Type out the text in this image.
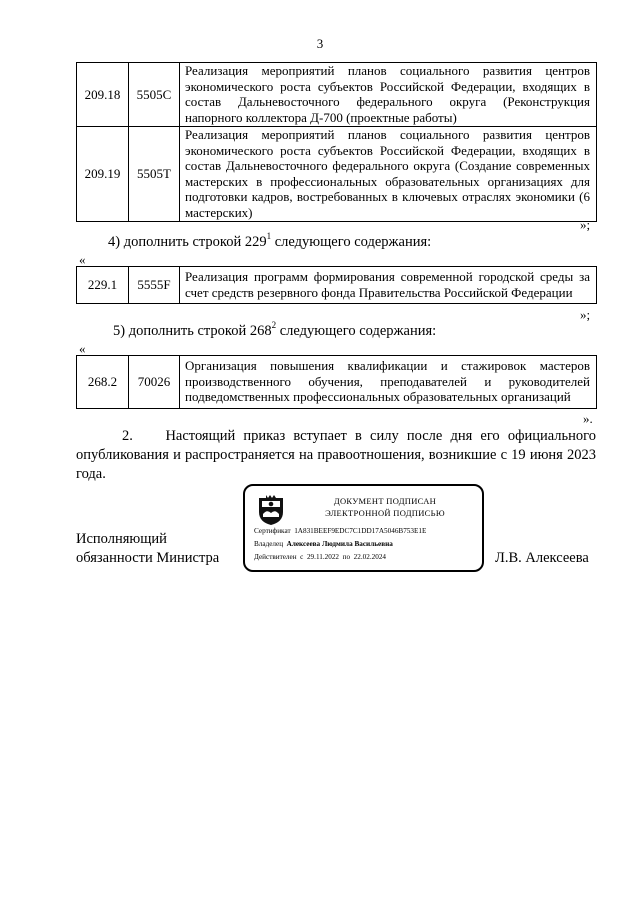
3
209.18	5505C	Реализация мероприятий планов социального развития центров экономического роста субъектов Российской Федерации, входящих в состав Дальневосточного федерального округа (Реконструкция напорного коллектора Д-700 (проектные работы)
209.19	5505T	Реализация мероприятий планов социального развития центров экономического роста субъектов Российской Федерации, входящих в состав Дальневосточного федерального округа (Создание современных мастерских в профессиональных образовательных организациях для подготовки кадров, востребованных в ключевых отраслях экономики (6 мастерских)
»;
4) дополнить строкой $229^1$ следующего содержания:
«
229.1	5555F	Реализация программ формирования современной городской среды за счет средств резервного фонда Правительства Российской Федерации
»;
5) дополнить строкой $268^2$ следующего содержания:
«
268.2	70026	Организация повышения квалификации и стажировок мастеров производственного обучения, преподавателей и руководителей подведомственных профессиональных образовательных организаций
».
2. Настоящий приказ вступает в силу после дня его официального опубликования и распространяется на правоотношения, возникшие с 19 июня 2023 года.
Исполняющий
обязанности Министра	Л.В. Алексеева
ДОКУМЕНТ ПОДПИСАН
ЭЛЕКТРОННОЙ ПОДПИСЬЮ
Сертификат 1A831BEEF9EDC7C1DD17A5046B753E1E
Владелец Алексеева Людмила Васильевна
Действителен с 29.11.2022 по 22.02.2024
